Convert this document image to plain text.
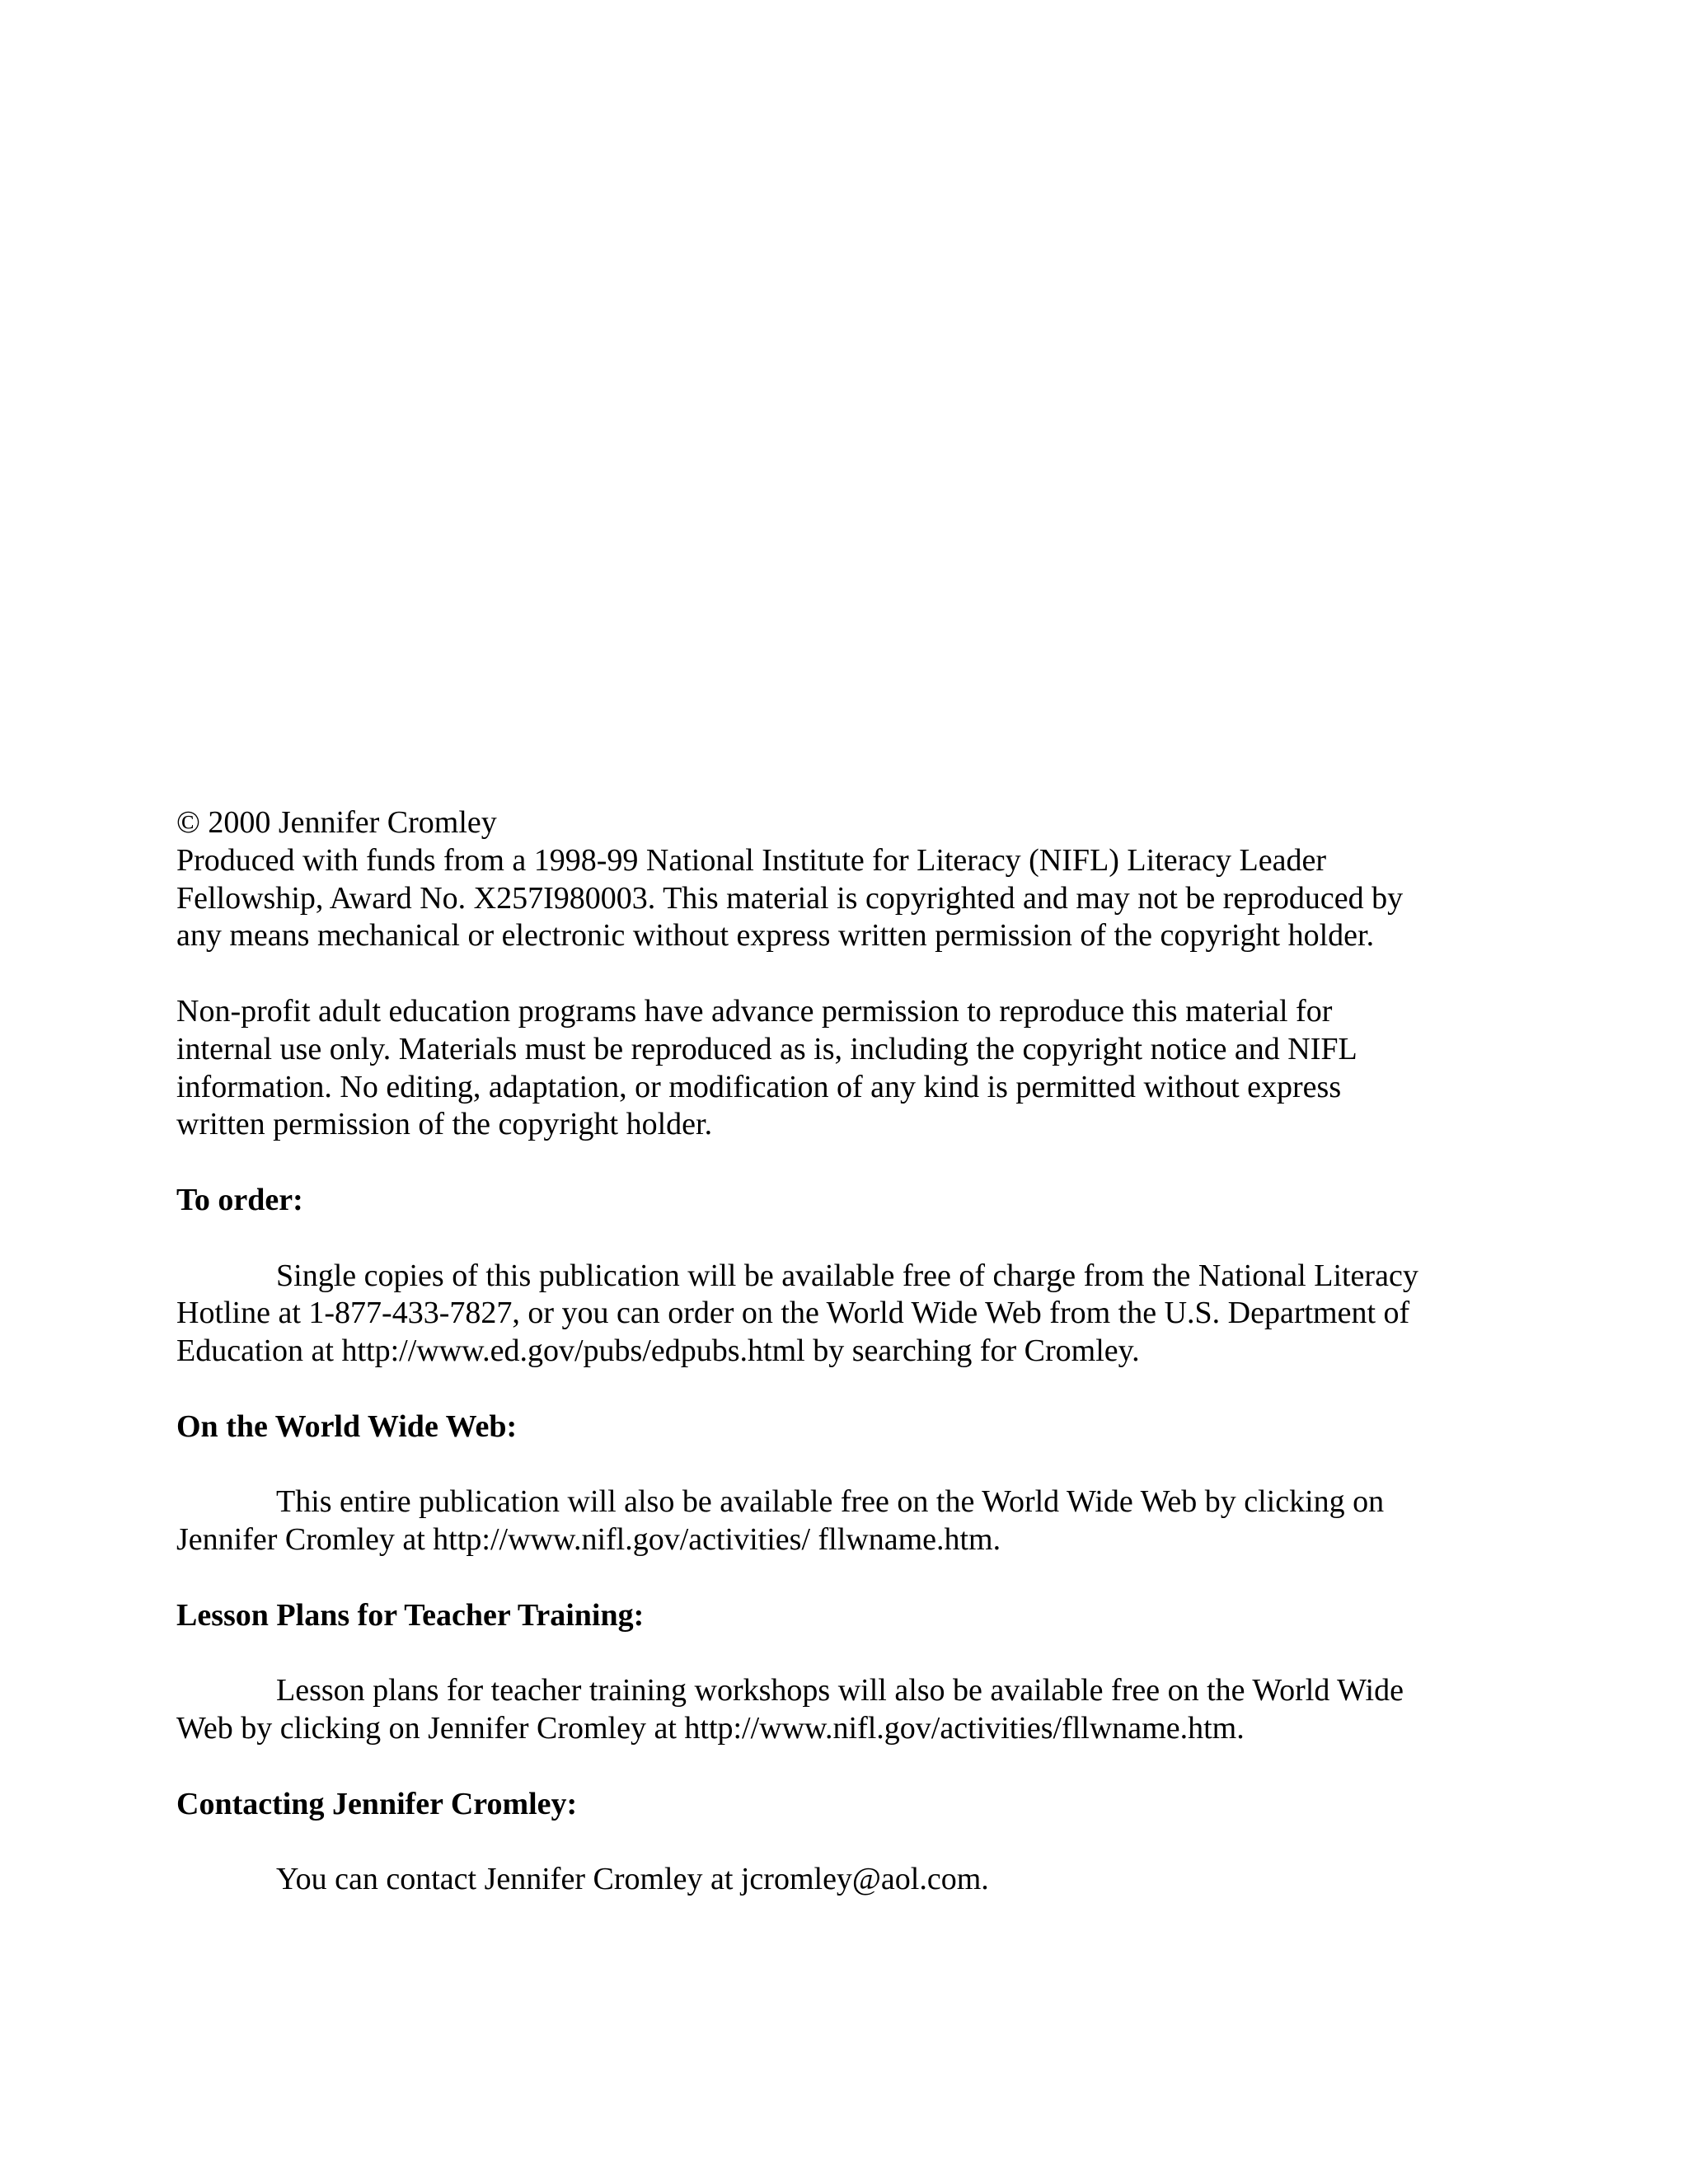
© 2000 Jennifer Cromley
Produced with funds from a 1998-99 National Institute for Literacy (NIFL) Literacy Leader
Fellowship, Award No. X257I980003. This material is copyrighted and may not be reproduced by
any means mechanical or electronic without express written permission of the copyright holder.
Non-profit adult education programs have advance permission to reproduce this material for
internal use only. Materials must be reproduced as is, including the copyright notice and NIFL
information. No editing, adaptation, or modification of any kind is permitted without express
written permission of the copyright holder.
To order:
Single copies of this publication will be available free of charge from the National Literacy
Hotline at 1-877-433-7827, or you can order on the World Wide Web from the U.S. Department of
Education at http://www.ed.gov/pubs/edpubs.html by searching for Cromley.
On the World Wide Web:
This entire publication will also be available free on the World Wide Web by clicking on
Jennifer Cromley at http://www.nifl.gov/activities/ fllwname.htm.
Lesson Plans for Teacher Training:
Lesson plans for teacher training workshops will also be available free on the World Wide
Web by clicking on Jennifer Cromley at http://www.nifl.gov/activities/fllwname.htm.
Contacting Jennifer Cromley:
You can contact Jennifer Cromley at jcromley@aol.com.
